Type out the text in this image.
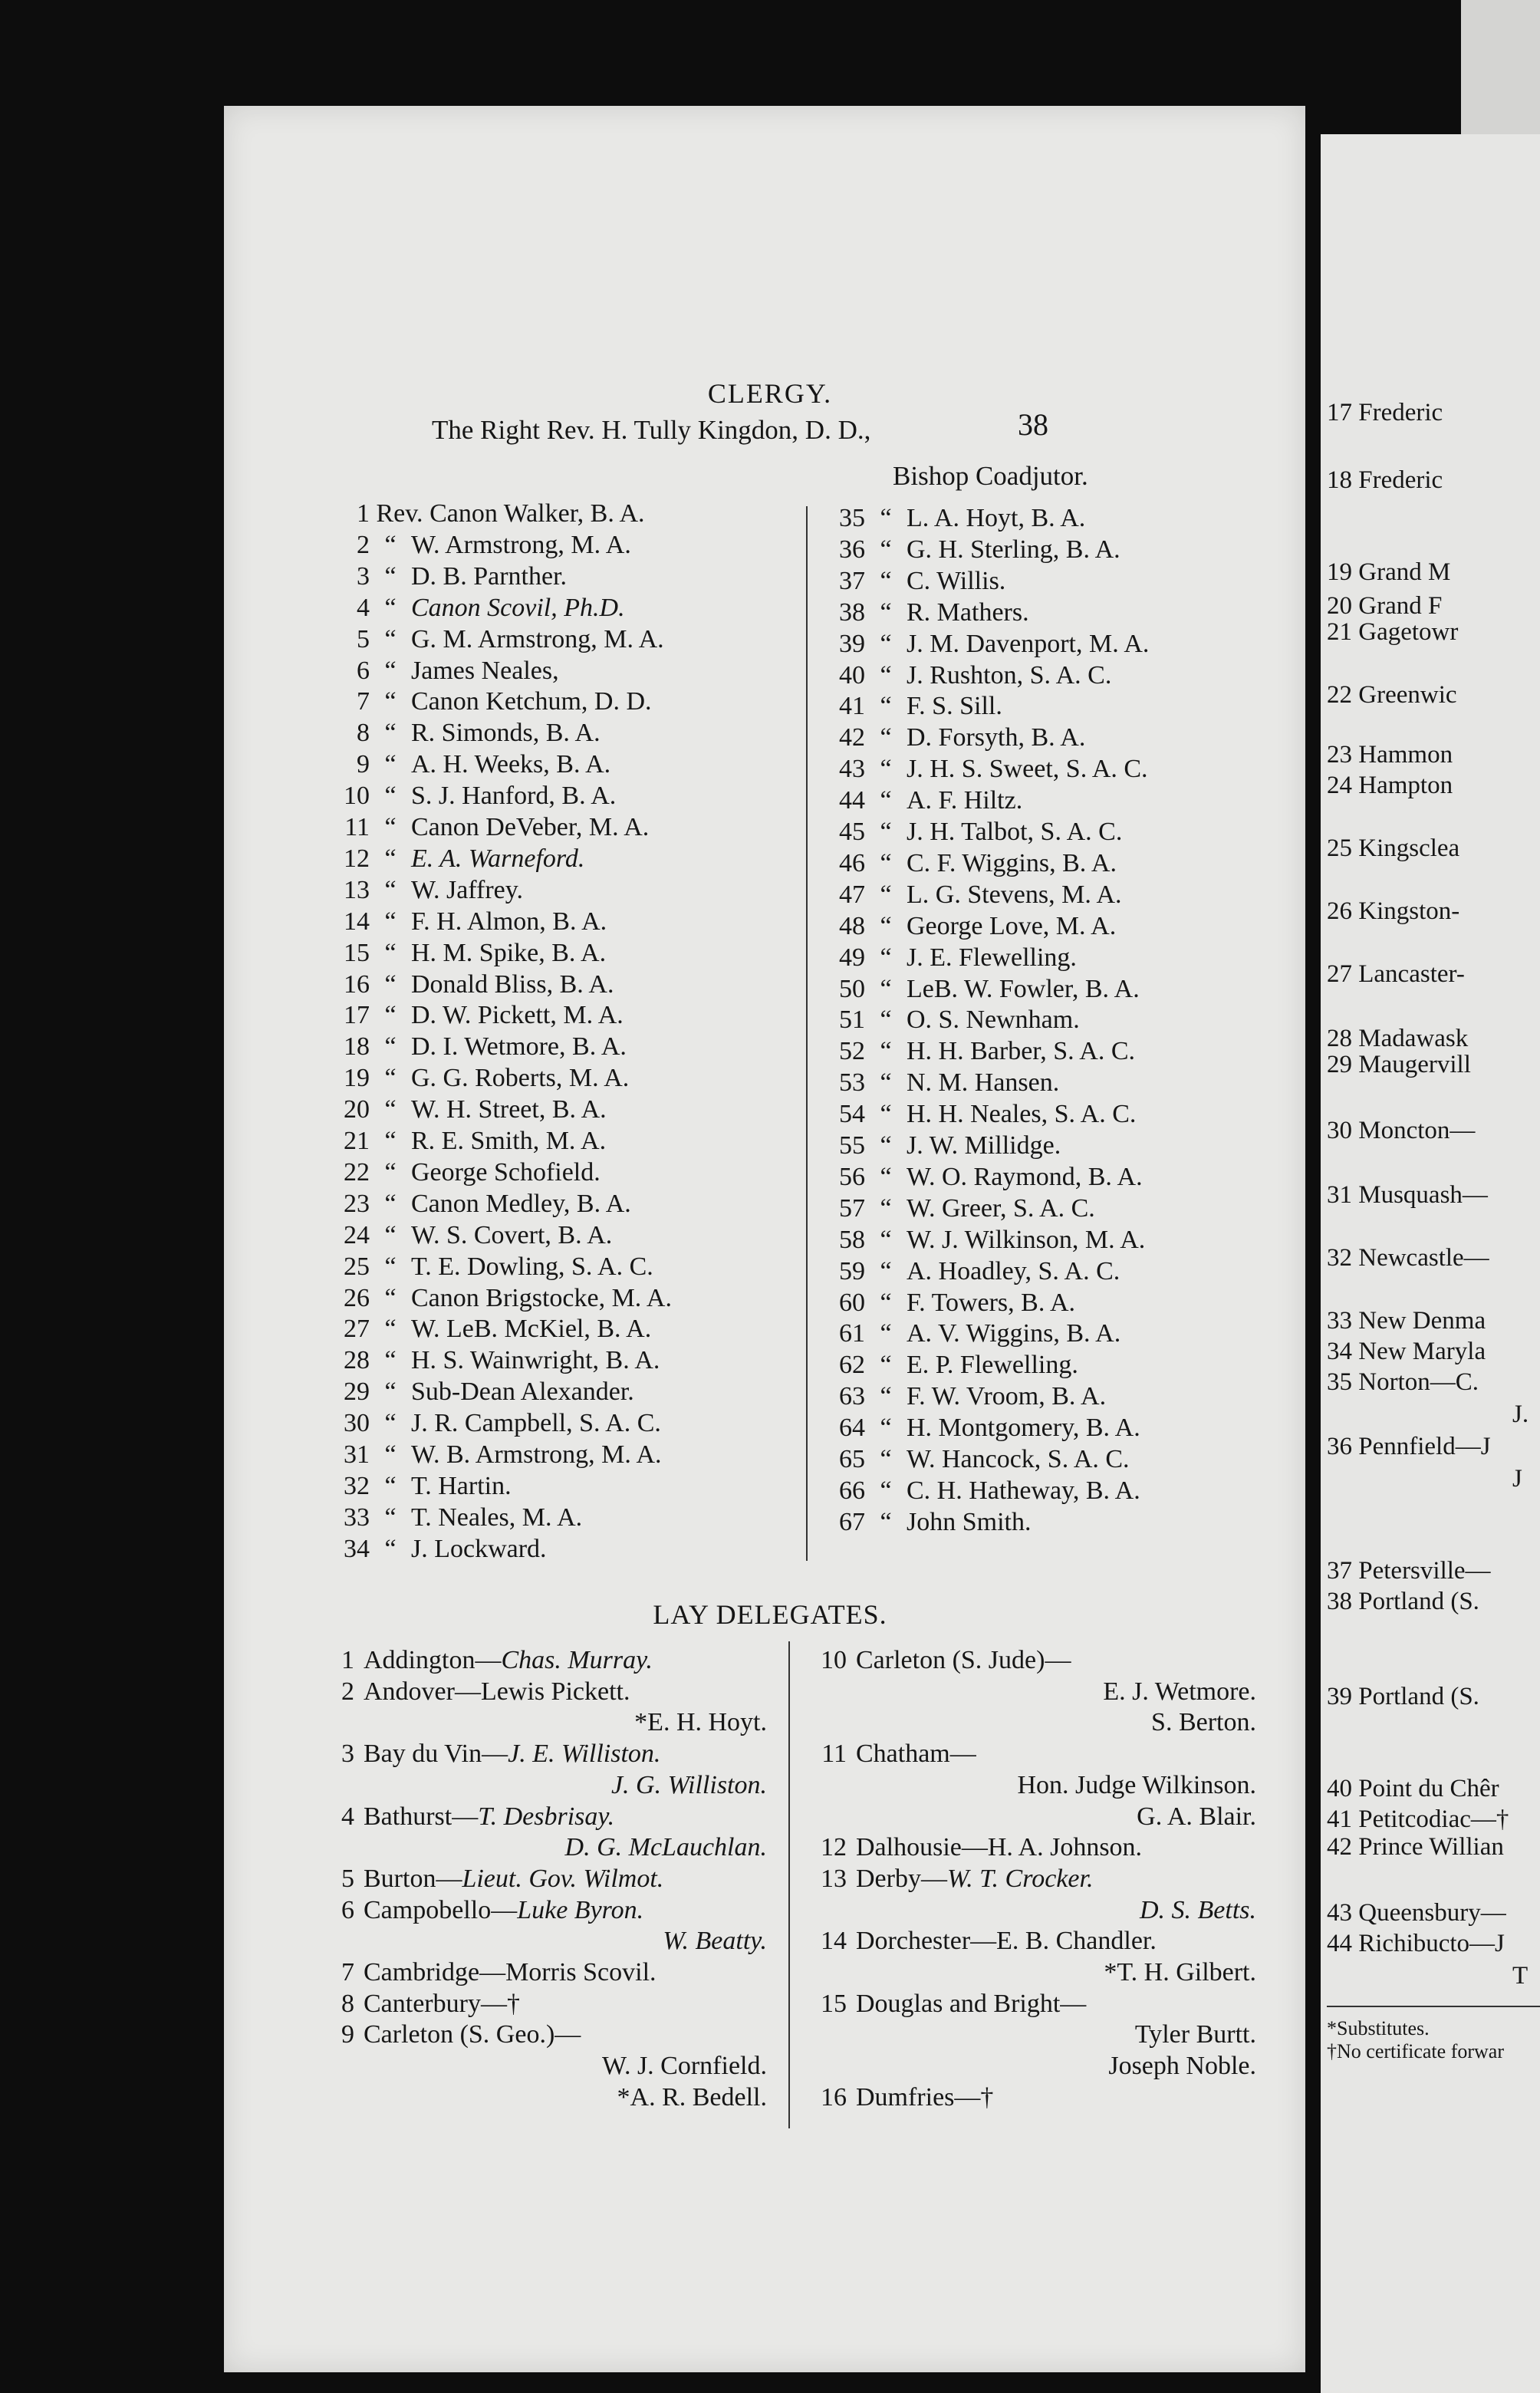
17 Frederic
18 Frederic
19 Grand M
20 Grand F
21 Gagetowr
22 Greenwic
23 Hammon
24 Hampton
25 Kingsclea
26 Kingston-
27 Lancaster-
28 Madawask
29 Maugervill
30 Moncton—
31 Musquash—
32 Newcastle—
33 New Denma
34 New Maryla
35 Norton—C.
J.
36 Pennfield—J
J
37 Petersville—
38 Portland (S.
39 Portland (S.
40 Point du Chêr
41 Petitcodiac—†
42 Prince Willian
43 Queensbury—
44 Richibucto—J
T
*Substitutes.
†No certificate forwar
38
CLERGY.
The Right Rev. H. Tully Kingdon, D. D.,
Bishop Coadjutor.
1 Rev. Canon Walker, B. A.
2 “ W. Armstrong, M. A.
3 “ D. B. Parnther.
4 “ Canon Scovil, Ph.D.
5 “ G. M. Armstrong, M. A.
6 “ James Neales,
7 “ Canon Ketchum, D. D.
8 “ R. Simonds, B. A.
9 “ A. H. Weeks, B. A.
10 “ S. J. Hanford, B. A.
11 “ Canon DeVeber, M. A.
12 “ E. A. Warneford.
13 “ W. Jaffrey.
14 “ F. H. Almon, B. A.
15 “ H. M. Spike, B. A.
16 “ Donald Bliss, B. A.
17 “ D. W. Pickett, M. A.
18 “ D. I. Wetmore, B. A.
19 “ G. G. Roberts, M. A.
20 “ W. H. Street, B. A.
21 “ R. E. Smith, M. A.
22 “ George Schofield.
23 “ Canon Medley, B. A.
24 “ W. S. Covert, B. A.
25 “ T. E. Dowling, S. A. C.
26 “ Canon Brigstocke, M. A.
27 “ W. LeB. McKiel, B. A.
28 “ H. S. Wainwright, B. A.
29 “ Sub-Dean Alexander.
30 “ J. R. Campbell, S. A. C.
31 “ W. B. Armstrong, M. A.
32 “ T. Hartin.
33 “ T. Neales, M. A.
34 “ J. Lockward.
35 “ L. A. Hoyt, B. A.
36 “ G. H. Sterling, B. A.
37 “ C. Willis.
38 “ R. Mathers.
39 “ J. M. Davenport, M. A.
40 “ J. Rushton, S. A. C.
41 “ F. S. Sill.
42 “ D. Forsyth, B. A.
43 “ J. H. S. Sweet, S. A. C.
44 “ A. F. Hiltz.
45 “ J. H. Talbot, S. A. C.
46 “ C. F. Wiggins, B. A.
47 “ L. G. Stevens, M. A.
48 “ George Love, M. A.
49 “ J. E. Flewelling.
50 “ LeB. W. Fowler, B. A.
51 “ O. S. Newnham.
52 “ H. H. Barber, S. A. C.
53 “ N. M. Hansen.
54 “ H. H. Neales, S. A. C.
55 “ J. W. Millidge.
56 “ W. O. Raymond, B. A.
57 “ W. Greer, S. A. C.
58 “ W. J. Wilkinson, M. A.
59 “ A. Hoadley, S. A. C.
60 “ F. Towers, B. A.
61 “ A. V. Wiggins, B. A.
62 “ E. P. Flewelling.
63 “ F. W. Vroom, B. A.
64 “ H. Montgomery, B. A.
65 “ W. Hancock, S. A. C.
66 “ C. H. Hatheway, B. A.
67 “ John Smith.
LAY DELEGATES.
1 Addington—Chas. Murray.
2 Andover—Lewis Pickett.
*E. H. Hoyt.
3 Bay du Vin—J. E. Williston.
J. G. Williston.
4 Bathurst—T. Desbrisay.
D. G. McLauchlan.
5 Burton—Lieut. Gov. Wilmot.
6 Campobello—Luke Byron.
W. Beatty.
7 Cambridge—Morris Scovil.
8 Canterbury—†
9 Carleton (S. Geo.)—
W. J. Cornfield.
*A. R. Bedell.
10 Carleton (S. Jude)—
E. J. Wetmore.
S. Berton.
11 Chatham—
Hon. Judge Wilkinson.
G. A. Blair.
12 Dalhousie—H. A. Johnson.
13 Derby—W. T. Crocker.
D. S. Betts.
14 Dorchester—E. B. Chandler.
*T. H. Gilbert.
15 Douglas and Bright—
Tyler Burtt.
Joseph Noble.
16 Dumfries—†
